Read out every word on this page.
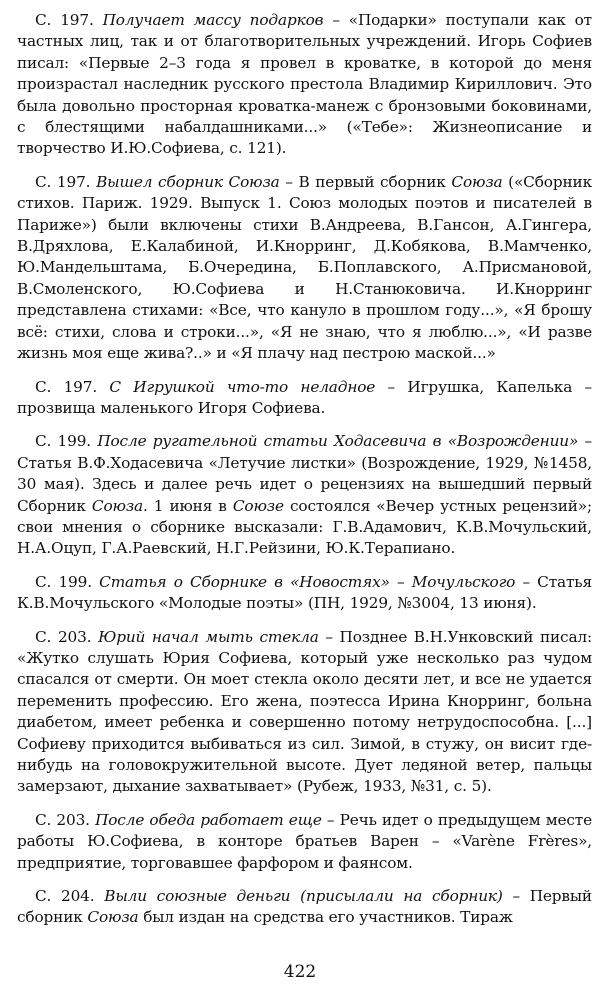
С. 197. Получает массу подарков – «Подарки» поступали как от частных лиц, так и от благотворительных учреждений. Игорь Софиев писал: «Первые 2–3 года я провел в кроватке, в которой до меня произрастал наследник русского престола Владимир Кириллович. Это была довольно просторная кроватка-манеж с бронзовыми боковинами, с блестящими набалдашниками...» («Тебе»: Жизнеописание и творчество И.Ю.Софиева, с. 121).

С. 197. Вышел сборник Союза – В первый сборник Союза («Сборник стихов. Париж. 1929. Выпуск 1. Союз молодых поэтов и писателей в Париже») были включены стихи В.Андреева, В.Гансон, А.Гингера, В.Дряхлова, Е.Калабиной, И.Кнорринг, Д.Кобякова, В.Мамченко, Ю.Мандельштама, Б.Очередина, Б.Поплавского, А.Присмановой, В.Смоленского, Ю.Софиева и Н.Станюковича. И.Кнорринг представлена стихами: «Все, что кануло в прошлом году...», «Я брошу всё: стихи, слова и строки...», «Я не знаю, что я люблю...», «И разве жизнь моя еще жива?..» и «Я плачу над пестрою маской...»

С. 197. С Игрушкой что-то неладное – Игрушка, Капелька – прозвища маленького Игоря Софиева.

С. 199. После ругательной статьи Ходасевича в «Возрождении» – Статья В.Ф.Ходасевича «Летучие листки» (Возрождение, 1929, №1458, 30 мая). Здесь и далее речь идет о рецензиях на вышедший первый Сборник Союза. 1 июня в Союзе состоялся «Вечер устных рецензий»; свои мнения о сборнике высказали: Г.В.Адамович, К.В.Мочульский, Н.А.Оцуп, Г.А.Раевский, Н.Г.Рейзини, Ю.К.Терапиано.

С. 199. Статья о Сборнике в «Новостях» – Мочульского – Статья К.В.Мочульского «Молодые поэты» (ПН, 1929, №3004, 13 июня).

С. 203. Юрий начал мыть стекла – Позднее В.Н.Унковский писал: «Жутко слушать Юрия Софиева, который уже несколько раз чудом спасался от смерти. Он моет стекла около десяти лет, и все не удается переменить профессию. Его жена, поэтесса Ирина Кнорринг, больна диабетом, имеет ребенка и совершенно потому нетрудоспособна. [...] Софиеву приходится выбиваться из сил. Зимой, в стужу, он висит где-нибудь на головокружительной высоте. Дует ледяной ветер, пальцы замерзают, дыхание захватывает» (Рубеж, 1933, №31, с. 5).

С. 203. После обеда работает еще – Речь идет о предыдущем месте работы Ю.Софиева, в конторе братьев Варен – «Varène Frères», предприятие, торговавшее фарфором и фаянсом.

С. 204. Выли союзные деньги (присылали на сборник) – Первый сборник Союза был издан на средства его участников. Тираж

422
